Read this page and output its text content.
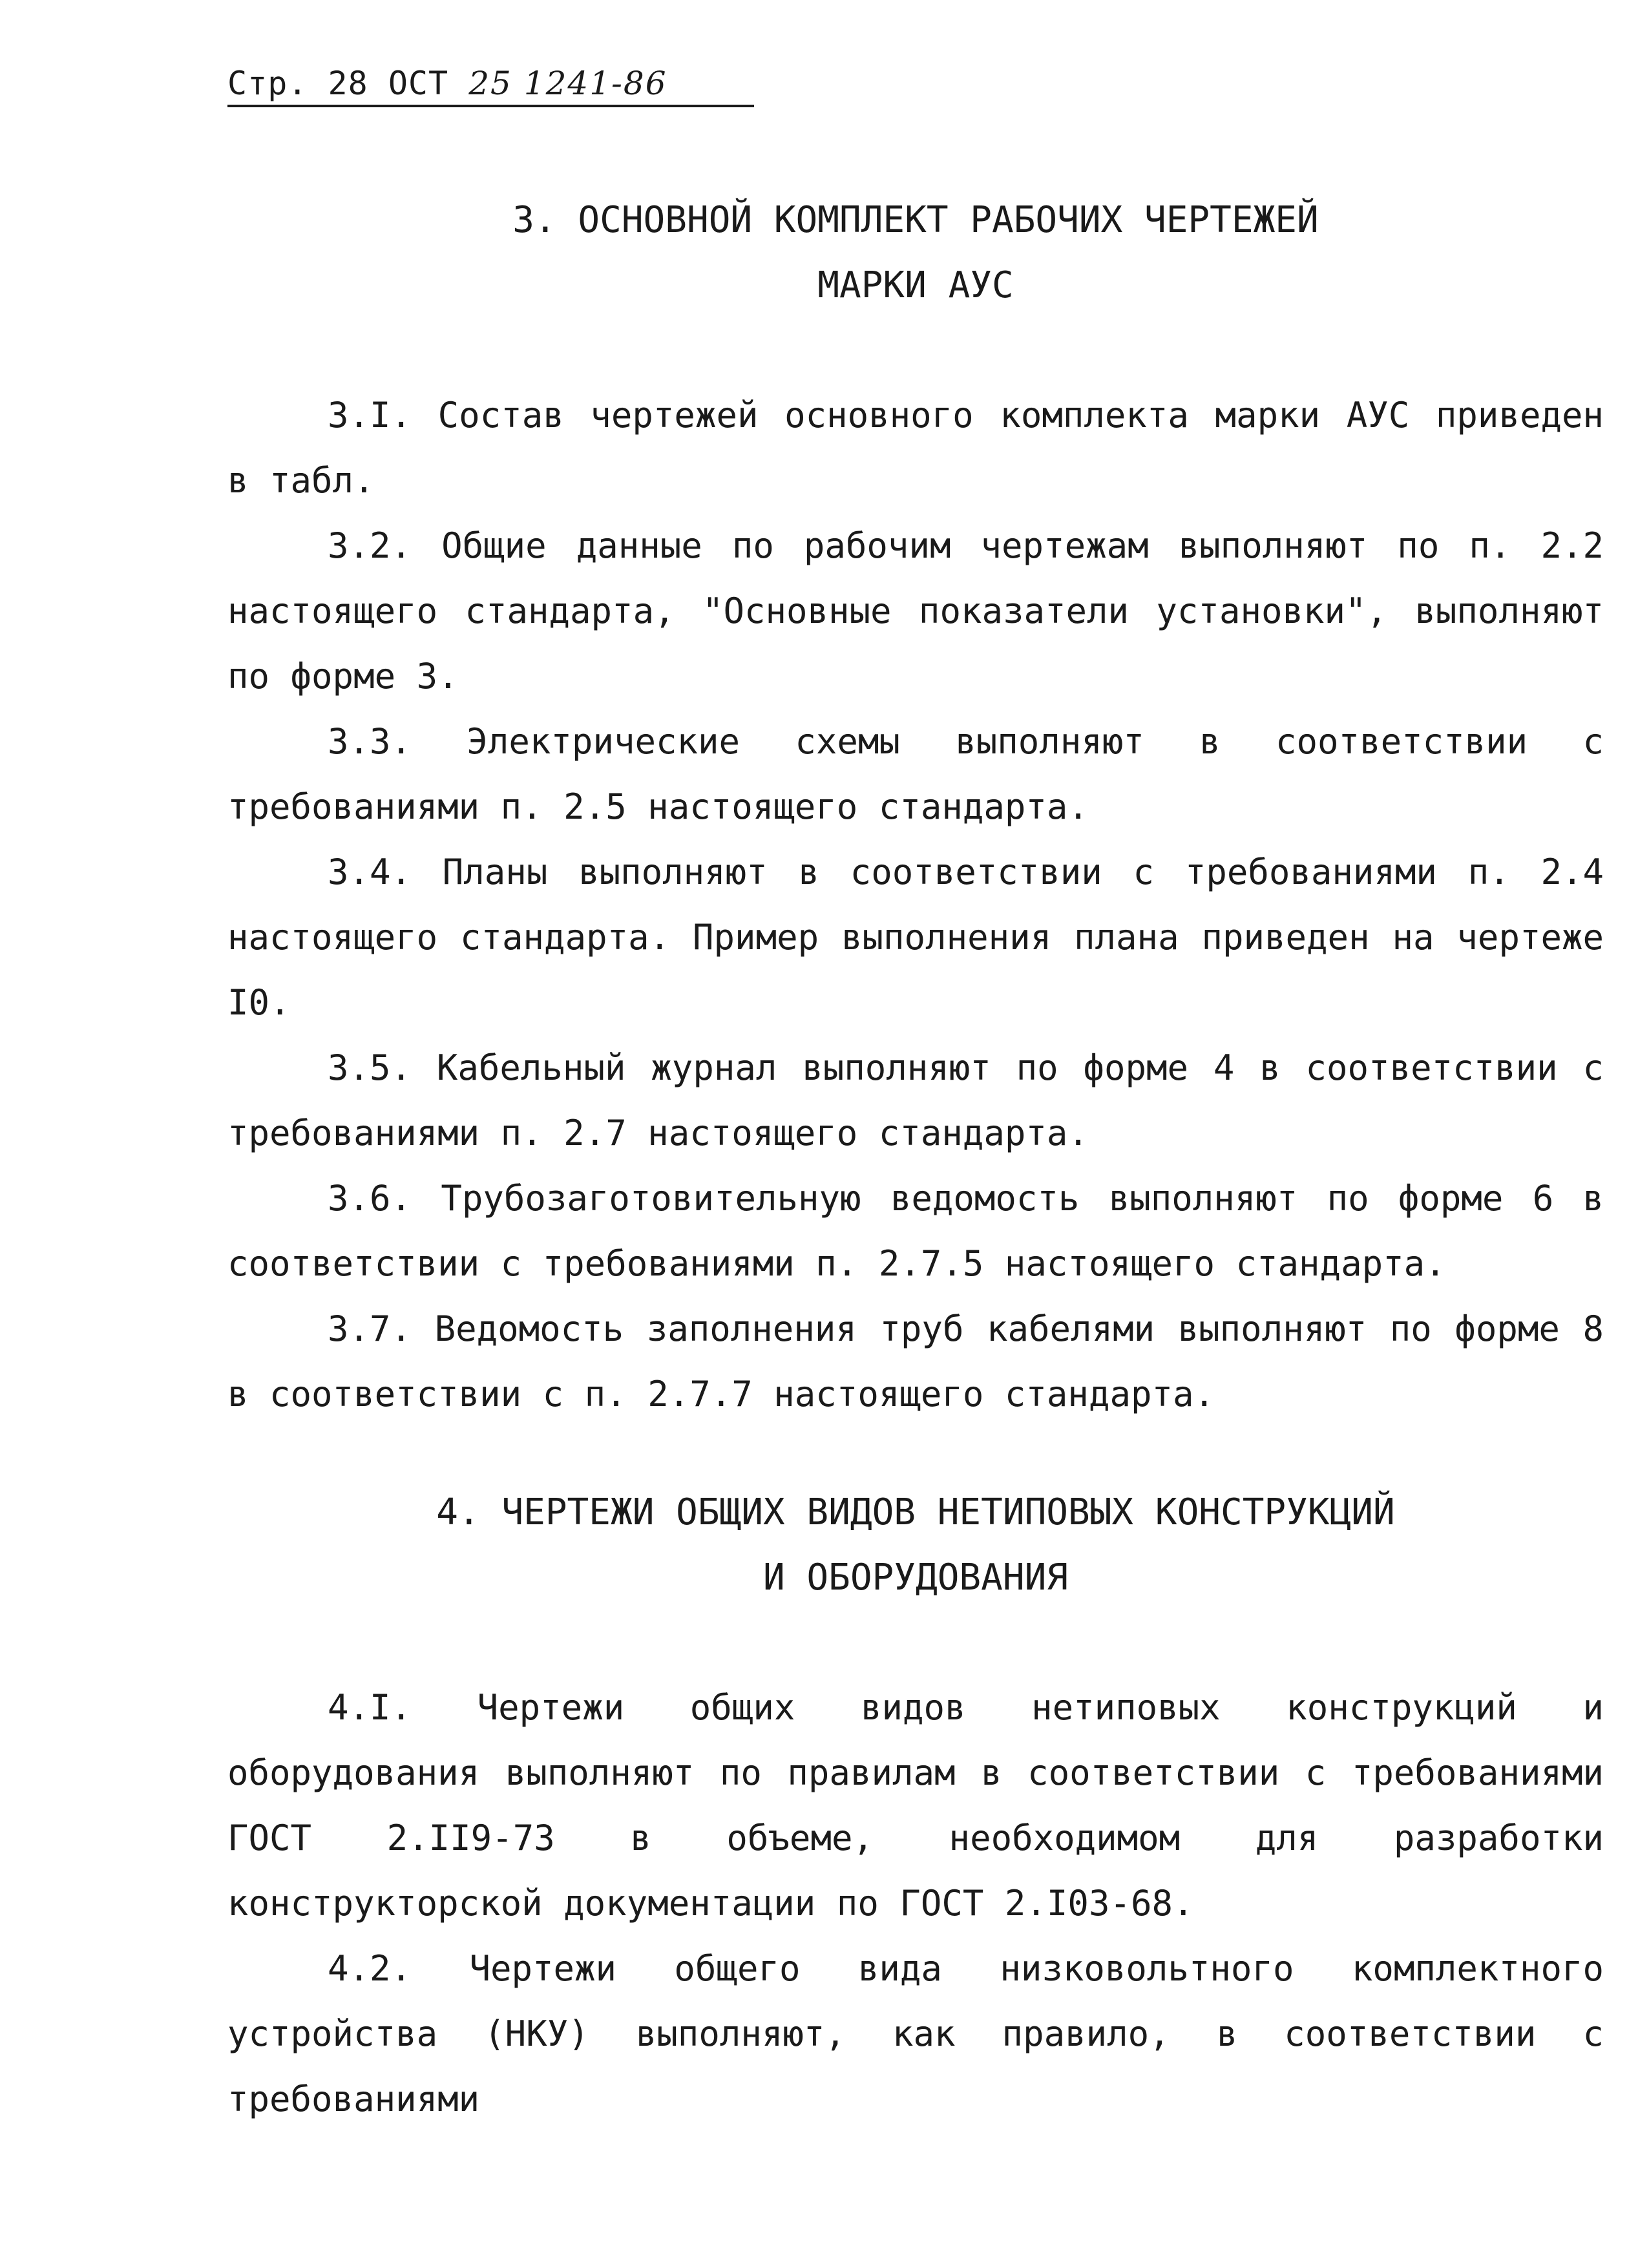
Стр. 28 ОСТ 25 1241-86
3. ОСНОВНОЙ КОМПЛЕКТ РАБОЧИХ ЧЕРТЕЖЕЙ
МАРКИ АУС

3.I. Состав чертежей основного комплекта марки АУС приведен в табл.

3.2. Общие данные по рабочим чертежам выполняют по п. 2.2 настоящего стандарта, "Основные показатели установки", выполняют по форме 3.

3.3. Электрические схемы выполняют в соответствии с требованиями п. 2.5 настоящего стандарта.

3.4. Планы выполняют в соответствии с требованиями п. 2.4 настоящего стандарта. Пример выполнения плана приведен на чертеже I0.

3.5. Кабельный журнал выполняют по форме 4 в соответствии с требованиями п. 2.7 настоящего стандарта.

3.6. Трубозаготовительную ведомость выполняют по форме 6 в соответствии с требованиями п. 2.7.5 настоящего стандарта.

3.7. Ведомость заполнения труб кабелями выполняют по форме 8 в соответствии с п. 2.7.7 настоящего стандарта.

4. ЧЕРТЕЖИ ОБЩИХ ВИДОВ НЕТИПОВЫХ КОНСТРУКЦИЙ
И ОБОРУДОВАНИЯ

4.I. Чертежи общих видов нетиповых конструкций и оборудования выполняют по правилам в соответствии с требованиями ГОСТ 2.II9-73 в объеме, необходимом для разработки конструкторской документации по ГОСТ 2.I03-68.

4.2. Чертежи общего вида низковольтного комплектного устройства (НКУ) выполняют, как правило, в соответствии с требованиями
